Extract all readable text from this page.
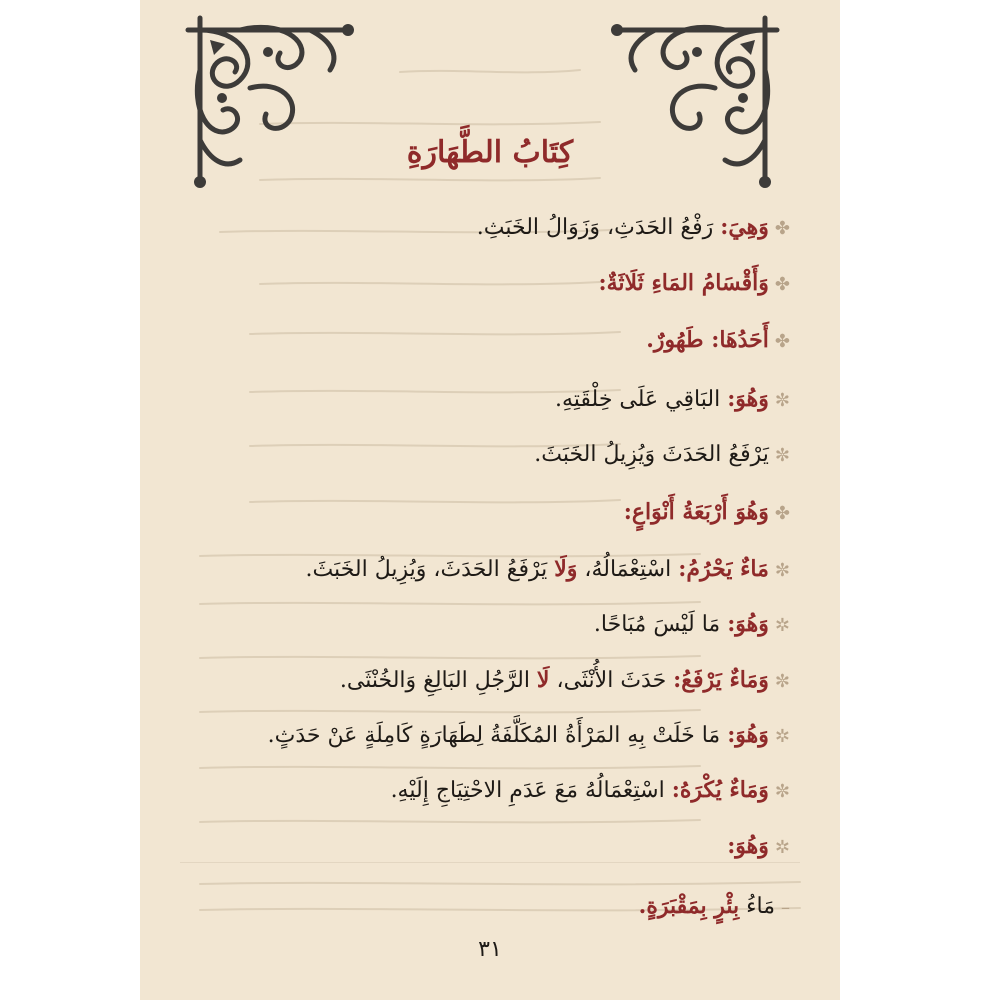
كِتَابُ الطَّهَارَةِ
✤وَهِيَ: رَفْعُ الحَدَثِ، وَزَوَالُ الخَبَثِ.
✤وَأَقْسَامُ المَاءِ ثَلَاثَةٌ:
✤أَحَدُهَا: طَهُورٌ.
✼وَهُوَ: البَاقِي عَلَى خِلْقَتِهِ.
✼يَرْفَعُ الحَدَثَ وَيُزِيلُ الخَبَثَ.
✤وَهُوَ أَرْبَعَةُ أَنْوَاعٍ:
✼مَاءٌ يَحْرُمُ: اسْتِعْمَالُهُ، وَلَا يَرْفَعُ الحَدَثَ، وَيُزِيلُ الخَبَثَ.
✲وَهُوَ: مَا لَيْسَ مُبَاحًا.
✼وَمَاءٌ يَرْفَعُ: حَدَثَ الأُنْثَى، لَا الرَّجُلِ البَالِغِ وَالخُنْثَى.
✲وَهُوَ: مَا خَلَتْ بِهِ المَرْأَةُ المُكَلَّفَةُ لِطَهَارَةٍ كَامِلَةٍ عَنْ حَدَثٍ.
✼وَمَاءٌ يُكْرَهُ: اسْتِعْمَالُهُ مَعَ عَدَمِ الاحْتِيَاجِ إِلَيْهِ.
✲وَهُوَ:
–مَاءُ بِئْرٍ بِمَقْبَرَةٍ.
٣١
